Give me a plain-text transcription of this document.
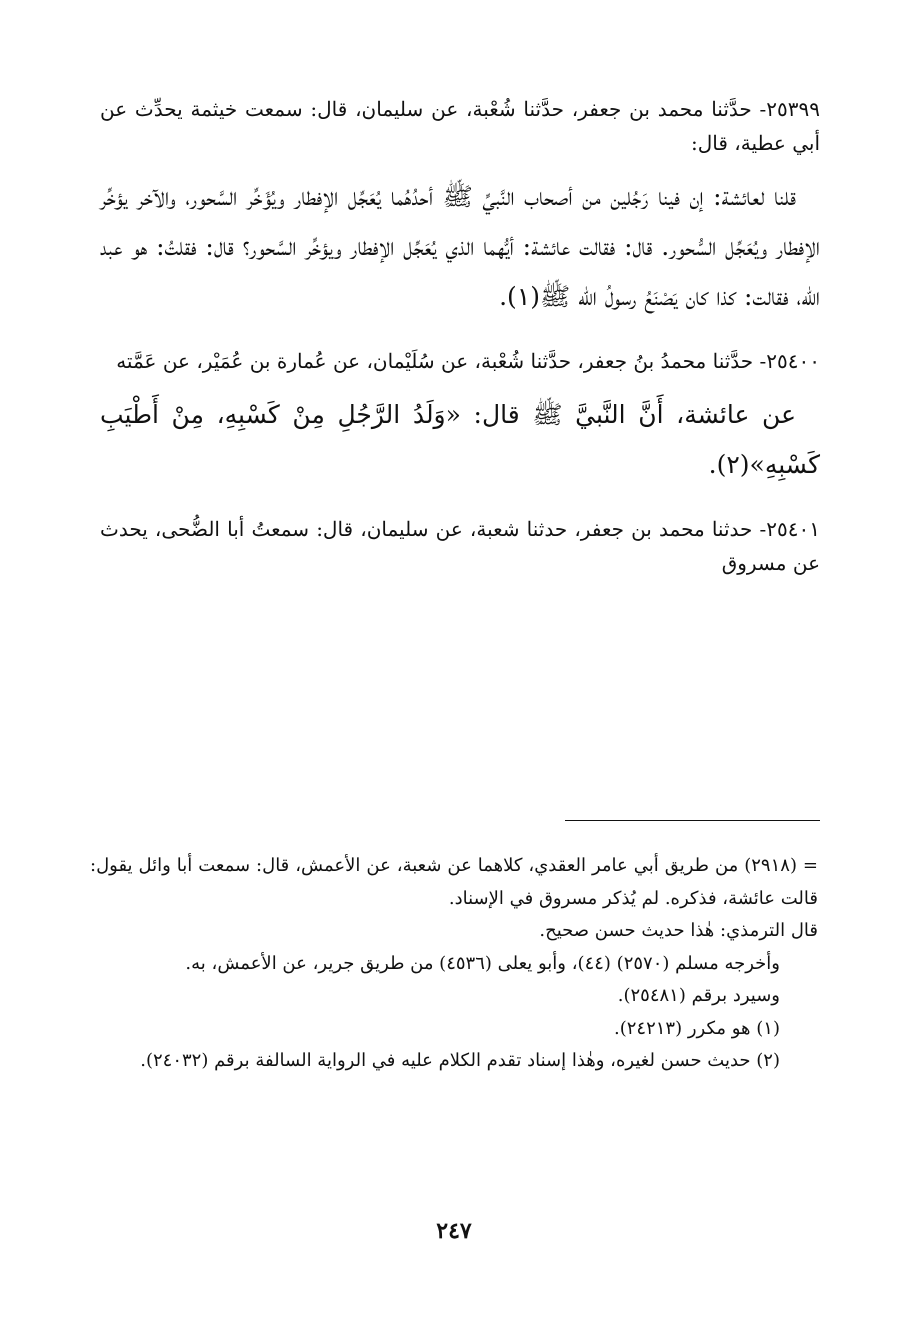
٢٥٣٩٩- حدَّثنا محمد بن جعفر، حدَّثنا شُعْبة، عن سليمان، قال: سمعت خيثمة يحدِّث عن أبي عطية، قال:

قلنا لعائشة: إن فينا رَجُلين من أصحاب النَّبيِّ ﷺ أحدُهُما يُعَجِّل الإفطار ويُؤَخِّر السَّحور، والآخر يؤخِّر الإفطار ويُعَجِّل السُّحور. قال: فقالت عائشة: أيُّهما الذي يُعَجِّل الإفطار ويؤخِّر السَّحور؟ قال: فقلتُ: هو عبد الله، فقالت: كذا كان يَصْنَعُ رسولُ الله ﷺ(١).

٢٥٤٠٠- حدَّثنا محمدُ بنُ جعفر، حدَّثنا شُعْبة، عن سُلَيْمان، عن عُمارة بن عُمَيْر، عن عَمَّته

عن عائشة، أَنَّ النَّبيَّ ﷺ قال: «وَلَدُ الرَّجُلِ مِنْ كَسْبِهِ، مِنْ أَطْيَبِ كَسْبِهِ»(٢).

٢٥٤٠١- حدثنا محمد بن جعفر، حدثنا شعبة، عن سليمان، قال: سمعتُ أبا الضُّحى، يحدث عن مسروق

= (٢٩١٨) من طريق أبي عامر العقدي، كلاهما عن شعبة، عن الأعمش، قال: سمعت أبا وائل يقول: قالت عائشة، فذكره. لم يُذكر مسروق في الإسناد.

قال الترمذي: هٰذا حديث حسن صحيح.

وأخرجه مسلم (٢٥٧٠) (٤٤)، وأبو يعلى (٤٥٣٦) من طريق جرير، عن الأعمش، به.

وسيرد برقم (٢٥٤٨١).

(١) هو مكرر (٢٤٢١٣).

(٢) حديث حسن لغيره، وهٰذا إسناد تقدم الكلام عليه في الرواية السالفة برقم (٢٤٠٣٢).

٢٤٧
